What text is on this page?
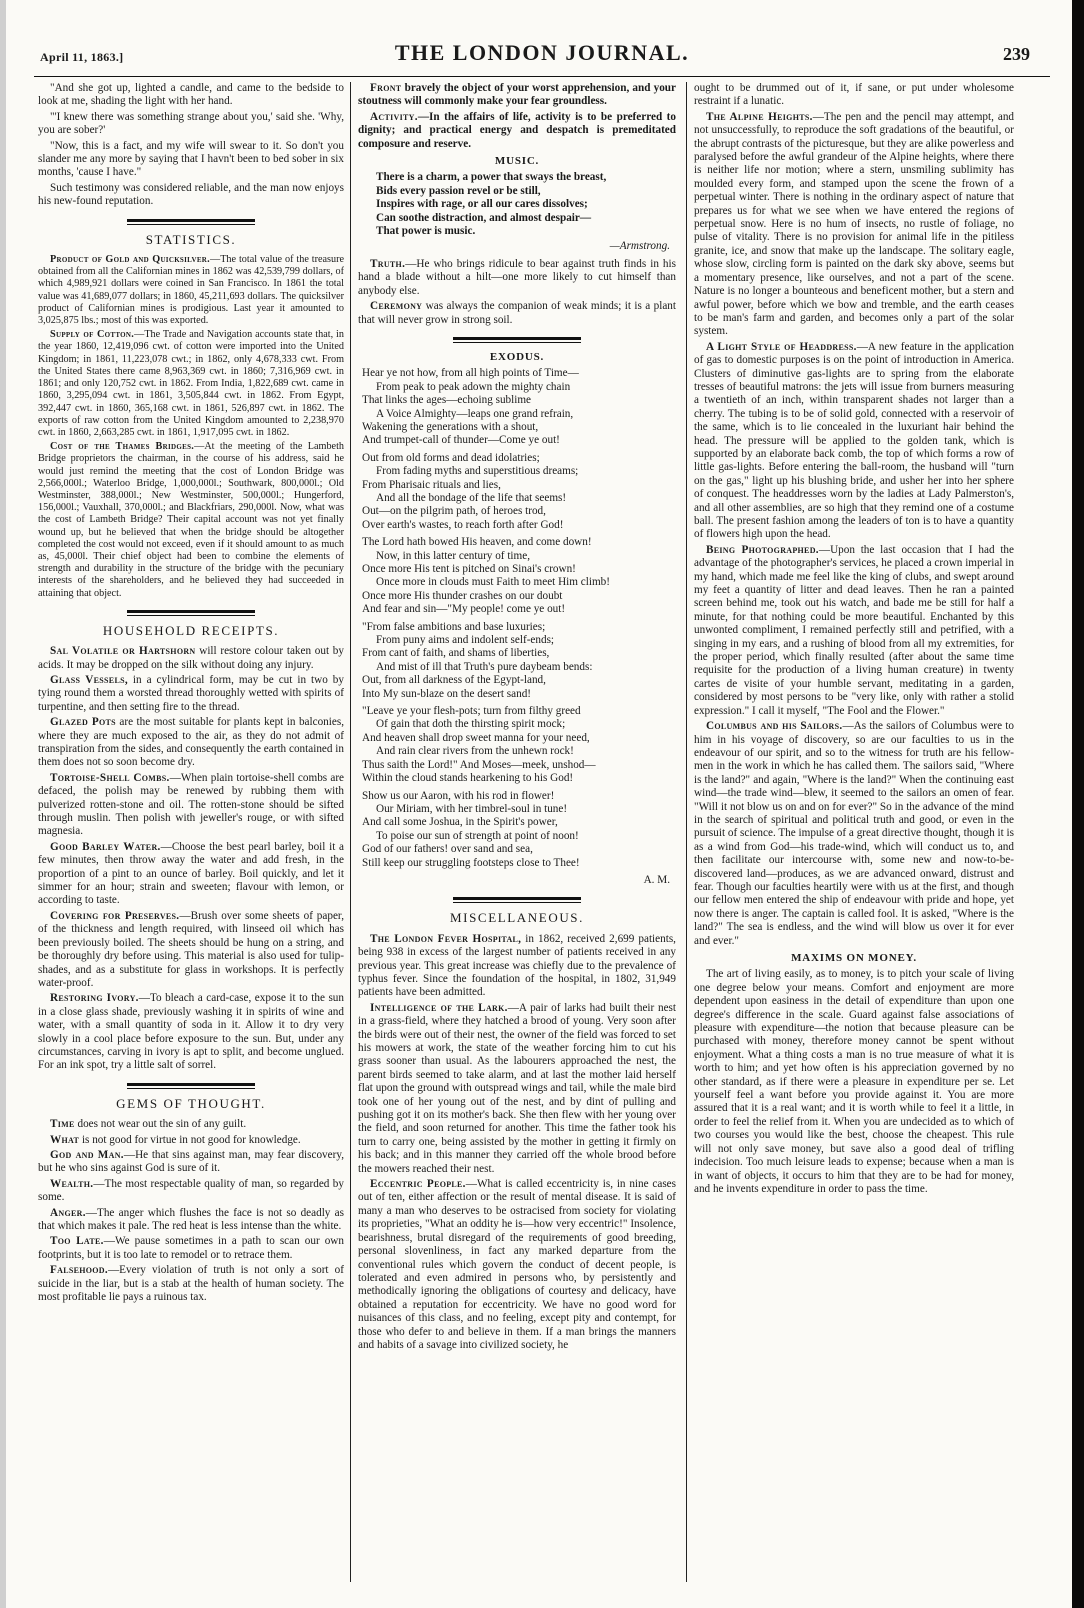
April 11, 1863.]	THE LONDON JOURNAL.	239

"And she got up, lighted a candle, and came to the bedside to look at me, shading the light with her hand.

"'I knew there was something strange about you,' said she. 'Why, you are sober?'

"Now, this is a fact, and my wife will swear to it. So don't you slander me any more by saying that I havn't been to bed sober in six months, 'cause I have."

Such testimony was considered reliable, and the man now enjoys his new-found reputation.

STATISTICS.

Product of Gold and Quicksilver.—The total value of the treasure obtained from all the Californian mines in 1862 was 42,539,799 dollars, of which 4,989,921 dollars were coined in San Francisco. In 1861 the total value was 41,689,077 dollars; in 1860, 45,211,693 dollars. The quicksilver product of Californian mines is prodigious. Last year it amounted to 3,025,875 lbs.; most of this was exported.

Supply of Cotton.—The Trade and Navigation accounts state that, in the year 1860, 12,419,096 cwt. of cotton were imported into the United Kingdom; in 1861, 11,223,078 cwt.; in 1862, only 4,678,333 cwt. From the United States there came 8,963,369 cwt. in 1860; 7,316,969 cwt. in 1861; and only 120,752 cwt. in 1862. From India, 1,822,689 cwt. came in 1860, 3,295,094 cwt. in 1861, 3,505,844 cwt. in 1862. From Egypt, 392,447 cwt. in 1860, 365,168 cwt. in 1861, 526,897 cwt. in 1862. The exports of raw cotton from the United Kingdom amounted to 2,238,970 cwt. in 1860, 2,663,285 cwt. in 1861, 1,917,095 cwt. in 1862.

Cost of the Thames Bridges.—At the meeting of the Lambeth Bridge proprietors the chairman, in the course of his address, said he would just remind the meeting that the cost of London Bridge was 2,566,000l.; Waterloo Bridge, 1,000,000l.; Southwark, 800,000l.; Old Westminster, 388,000l.; New Westminster, 500,000l.; Hungerford, 156,000l.; Vauxhall, 370,000l.; and Blackfriars, 290,000l. Now, what was the cost of Lambeth Bridge? Their capital account was not yet finally wound up, but he believed that when the bridge should be altogether completed the cost would not exceed, even if it should amount to as much as, 45,000l. Their chief object had been to combine the elements of strength and durability in the structure of the bridge with the pecuniary interests of the shareholders, and he believed they had succeeded in attaining that object.

HOUSEHOLD RECEIPTS.

Sal Volatile or Hartshorn will restore colour taken out by acids. It may be dropped on the silk without doing any injury.

Glass Vessels, in a cylindrical form, may be cut in two by tying round them a worsted thread thoroughly wetted with spirits of turpentine, and then setting fire to the thread.

Glazed Pots are the most suitable for plants kept in balconies, where they are much exposed to the air, as they do not admit of transpiration from the sides, and consequently the earth contained in them does not so soon become dry.

Tortoise-Shell Combs.—When plain tortoise-shell combs are defaced, the polish may be renewed by rubbing them with pulverized rotten-stone and oil. The rotten-stone should be sifted through muslin. Then polish with jeweller's rouge, or with sifted magnesia.

Good Barley Water.—Choose the best pearl barley, boil it a few minutes, then throw away the water and add fresh, in the proportion of a pint to an ounce of barley. Boil quickly, and let it simmer for an hour; strain and sweeten; flavour with lemon, or according to taste.

Covering for Preserves.—Brush over some sheets of paper, of the thickness and length required, with linseed oil which has been previously boiled. The sheets should be hung on a string, and be thoroughly dry before using. This material is also used for tulip-shades, and as a substitute for glass in workshops. It is perfectly water-proof.

Restoring Ivory.—To bleach a card-case, expose it to the sun in a close glass shade, previously washing it in spirits of wine and water, with a small quantity of soda in it. Allow it to dry very slowly in a cool place before exposure to the sun. But, under any circumstances, carving in ivory is apt to split, and become unglued. For an ink spot, try a little salt of sorrel.

GEMS OF THOUGHT.

Time does not wear out the sin of any guilt.

What is not good for virtue in not good for knowledge.

God and Man.—He that sins against man, may fear discovery, but he who sins against God is sure of it.

Wealth.—The most respectable quality of man, so regarded by some.

Anger.—The anger which flushes the face is not so deadly as that which makes it pale. The red heat is less intense than the white.

Too Late.—We pause sometimes in a path to scan our own footprints, but it is too late to remodel or to retrace them.

Falsehood.—Every violation of truth is not only a sort of suicide in the liar, but is a stab at the health of human society. The most profitable lie pays a ruinous tax.

Front bravely the object of your worst apprehension, and your stoutness will commonly make your fear groundless.

Activity.—In the affairs of life, activity is to be preferred to dignity; and practical energy and despatch is premeditated composure and reserve.

MUSIC.
There is a charm, a power that sways the breast,
Bids every passion revel or be still,
Inspires with rage, or all our cares dissolves;
Can soothe distraction, and almost despair—
That power is music.
—Armstrong.

Truth.—He who brings ridicule to bear against truth finds in his hand a blade without a hilt—one more likely to cut himself than anybody else.

Ceremony was always the companion of weak minds; it is a plant that will never grow in strong soil.

EXODUS.
Hear ye not how, from all high points of Time—
From peak to peak adown the mighty chain
That links the ages—echoing sublime
A Voice Almighty—leaps one grand refrain,
Wakening the generations with a shout,
And trumpet-call of thunder—Come ye out!
Out from old forms and dead idolatries;
From fading myths and superstitious dreams;
From Pharisaic rituals and lies,
And all the bondage of the life that seems!
Out—on the pilgrim path, of heroes trod,
Over earth's wastes, to reach forth after God!
The Lord hath bowed His heaven, and come down!
Now, in this latter century of time,
Once more His tent is pitched on Sinai's crown!
Once more in clouds must Faith to meet Him climb!
Once more His thunder crashes on our doubt
And fear and sin—"My people! come ye out!
"From false ambitions and base luxuries;
From puny aims and indolent self-ends;
From cant of faith, and shams of liberties,
And mist of ill that Truth's pure daybeam bends:
Out, from all darkness of the Egypt-land,
Into My sun-blaze on the desert sand!
"Leave ye your flesh-pots; turn from filthy greed
Of gain that doth the thirsting spirit mock;
And heaven shall drop sweet manna for your need,
And rain clear rivers from the unhewn rock!
Thus saith the Lord!" And Moses—meek, unshod—
Within the cloud stands hearkening to his God!
Show us our Aaron, with his rod in flower!
Our Miriam, with her timbrel-soul in tune!
And call some Joshua, in the Spirit's power,
To poise our sun of strength at point of noon!
God of our fathers! over sand and sea,
Still keep our struggling footsteps close to Thee!
A. M.
MISCELLANEOUS.

The London Fever Hospital, in 1862, received 2,699 patients, being 938 in excess of the largest number of patients received in any previous year. This great increase was chiefly due to the prevalence of typhus fever. Since the foundation of the hospital, in 1802, 31,949 patients have been admitted.

Intelligence of the Lark.—A pair of larks had built their nest in a grass-field, where they hatched a brood of young. Very soon after the birds were out of their nest, the owner of the field was forced to set his mowers at work, the state of the weather forcing him to cut his grass sooner than usual. As the labourers approached the nest, the parent birds seemed to take alarm, and at last the mother laid herself flat upon the ground with outspread wings and tail, while the male bird took one of her young out of the nest, and by dint of pulling and pushing got it on its mother's back. She then flew with her young over the field, and soon returned for another. This time the father took his turn to carry one, being assisted by the mother in getting it firmly on his back; and in this manner they carried off the whole brood before the mowers reached their nest.

Eccentric People.—What is called eccentricity is, in nine cases out of ten, either affection or the result of mental disease. It is said of many a man who deserves to be ostracised from society for violating its proprieties, "What an oddity he is—how very eccentric!" Insolence, bearishness, brutal disregard of the requirements of good breeding, personal slovenliness, in fact any marked departure from the conventional rules which govern the conduct of decent people, is tolerated and even admired in persons who, by persistently and methodically ignoring the obligations of courtesy and delicacy, have obtained a reputation for eccentricity. We have no good word for nuisances of this class, and no feeling, except pity and contempt, for those who defer to and believe in them. If a man brings the manners and habits of a savage into civilized society, he

ought to be drummed out of it, if sane, or put under wholesome restraint if a lunatic.

The Alpine Heights.—The pen and the pencil may attempt, and not unsuccessfully, to reproduce the soft gradations of the beautiful, or the abrupt contrasts of the picturesque, but they are alike powerless and paralysed before the awful grandeur of the Alpine heights, where there is neither life nor motion; where a stern, unsmiling sublimity has moulded every form, and stamped upon the scene the frown of a perpetual winter. There is nothing in the ordinary aspect of nature that prepares us for what we see when we have entered the regions of perpetual snow. Here is no hum of insects, no rustle of foliage, no pulse of vitality. There is no provision for animal life in the pitiless granite, ice, and snow that make up the landscape. The solitary eagle, whose slow, circling form is painted on the dark sky above, seems but a momentary presence, like ourselves, and not a part of the scene. Nature is no longer a bounteous and beneficent mother, but a stern and awful power, before which we bow and tremble, and the earth ceases to be man's farm and garden, and becomes only a part of the solar system.

A Light Style of Headdress.—A new feature in the application of gas to domestic purposes is on the point of introduction in America. Clusters of diminutive gas-lights are to spring from the elaborate tresses of beautiful matrons: the jets will issue from burners measuring a twentieth of an inch, within transparent shades not larger than a cherry. The tubing is to be of solid gold, connected with a reservoir of the same, which is to lie concealed in the luxuriant hair behind the head. The pressure will be applied to the golden tank, which is supported by an elaborate back comb, the top of which forms a row of little gas-lights. Before entering the ball-room, the husband will "turn on the gas," light up his blushing bride, and usher her into her sphere of conquest. The headdresses worn by the ladies at Lady Palmerston's, and all other assemblies, are so high that they remind one of a costume ball. The present fashion among the leaders of ton is to have a quantity of flowers high upon the head.

Being Photographed.—Upon the last occasion that I had the advantage of the photographer's services, he placed a crown imperial in my hand, which made me feel like the king of clubs, and swept around my feet a quantity of litter and dead leaves. Then he ran a painted screen behind me, took out his watch, and bade me be still for half a minute, for that nothing could be more beautiful. Enchanted by this unwonted compliment, I remained perfectly still and petrified, with a singing in my ears, and a rushing of blood from all my extremities, for the proper period, which finally resulted (after about the same time requisite for the production of a living human creature) in twenty cartes de visite of your humble servant, meditating in a garden, considered by most persons to be "very like, only with rather a stolid expression." I call it myself, "The Fool and the Flower."

Columbus and his Sailors.—As the sailors of Columbus were to him in his voyage of discovery, so are our faculties to us in the endeavour of our spirit, and so to the witness for truth are his fellow-men in the work in which he has called them. The sailors said, "Where is the land?" and again, "Where is the land?" When the continuing east wind—the trade wind—blew, it seemed to the sailors an omen of fear. "Will it not blow us on and on for ever?" So in the advance of the mind in the search of spiritual and political truth and good, or even in the pursuit of science. The impulse of a great directive thought, though it is as a wind from God—his trade-wind, which will conduct us to, and then facilitate our intercourse with, some new and now-to-be-discovered land—produces, as we are advanced onward, distrust and fear. Though our faculties heartily were with us at the first, and though our fellow men entered the ship of endeavour with pride and hope, yet now there is anger. The captain is called fool. It is asked, "Where is the land?" The sea is endless, and the wind will blow us over it for ever and ever."

MAXIMS ON MONEY.

The art of living easily, as to money, is to pitch your scale of living one degree below your means. Comfort and enjoyment are more dependent upon easiness in the detail of expenditure than upon one degree's difference in the scale. Guard against false associations of pleasure with expenditure—the notion that because pleasure can be purchased with money, therefore money cannot be spent without enjoyment. What a thing costs a man is no true measure of what it is worth to him; and yet how often is his appreciation governed by no other standard, as if there were a pleasure in expenditure per se. Let yourself feel a want before you provide against it. You are more assured that it is a real want; and it is worth while to feel it a little, in order to feel the relief from it. When you are undecided as to which of two courses you would like the best, choose the cheapest. This rule will not only save money, but save also a good deal of trifling indecision. Too much leisure leads to expense; because when a man is in want of objects, it occurs to him that they are to be had for money, and he invents expenditure in order to pass the time.
